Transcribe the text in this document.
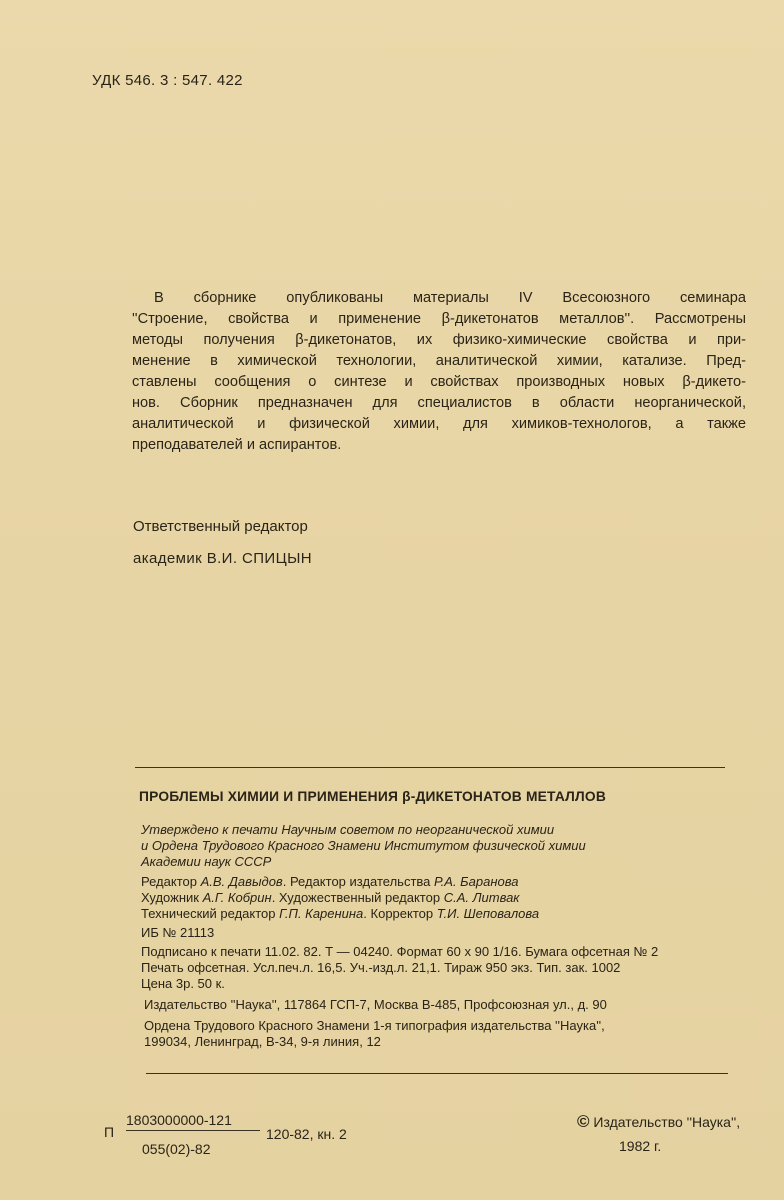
УДК 546. 3 : 547. 422
В сборнике опубликованы материалы IV Всесоюзного семинара
''Строение, свойства и применение β-дикетонатов металлов''. Рассмотрены
методы получения β-дикетонатов, их физико-химические свойства и при-
менение в химической технологии, аналитической химии, катализе. Пред-
ставлены сообщения о синтезе и свойствах производных новых β-дикето-
нов. Сборник предназначен для специалистов в области неорганической,
аналитической и физической химии, для химиков-технологов, а также
преподавателей и аспирантов.
Ответственный редактор
академик В.И. СПИЦЫН
ПРОБЛЕМЫ ХИМИИ И ПРИМЕНЕНИЯ β-ДИКЕТОНАТОВ МЕТАЛЛОВ
Утверждено к печати Научным советом по неорганической химии
и Ордена Трудового Красного Знамени Институтом физической химии
Академии наук СССР
Редактор А.В. Давыдов. Редактор издательства Р.А. Баранова
Художник А.Г. Кобрин. Художественный редактор С.А. Литвак
Технический редактор Г.П. Каренина. Корректор Т.И. Шеповалова
ИБ № 21113
Подписано к печати 11.02. 82. Т — 04240. Формат 60 х 90 1/16. Бумага офсетная № 2
Печать офсетная. Усл.печ.л. 16,5. Уч.-изд.л. 21,1. Тираж 950 экз. Тип. зак. 1002
Цена 3р. 50 к.
Издательство ''Наука'', 117864 ГСП-7, Москва В-485, Профсоюзная ул., д. 90
Ордена Трудового Красного Знамени 1-я типография издательства ''Наука'',
199034, Ленинград, В-34, 9-я линия, 12
П
1803000000-121
055(02)-82
120-82, кн. 2
© Издательство ''Наука'',
1982 г.
